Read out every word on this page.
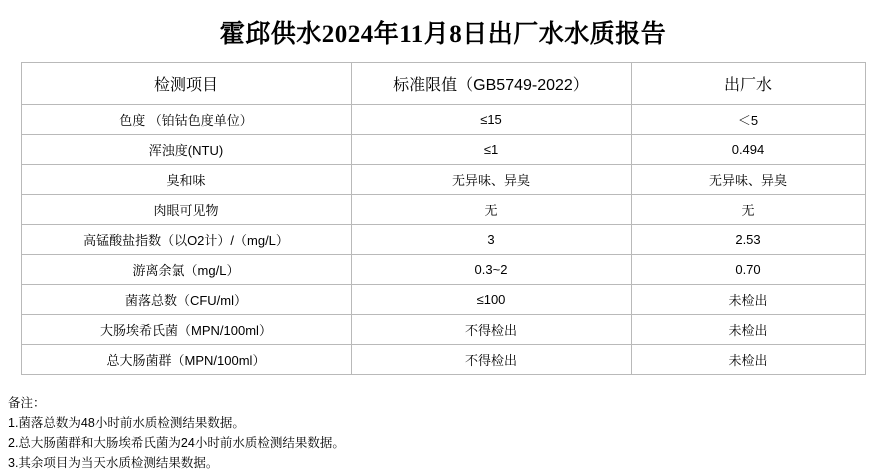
霍邱供水2024年11月8日出厂水水质报告
检测项目	标准限值（GB5749-2022）	出厂水
色度 （铂钴色度单位）	≤15	＜5
浑浊度(NTU)	≤1	0.494
臭和味	无异味、异臭	无异味、异臭
肉眼可见物	无	无
高锰酸盐指数（以O2计）/（mg/L）	3	2.53
游离余氯（mg/L）	0.3~2	0.70
菌落总数（CFU/ml）	≤100	未检出
大肠埃希氏菌（MPN/100ml）	不得检出	未检出
总大肠菌群（MPN/100ml）	不得检出	未检出
备注：
1.菌落总数为48小时前水质检测结果数据。
2.总大肠菌群和大肠埃希氏菌为24小时前水质检测结果数据。
3.其余项目为当天水质检测结果数据。
